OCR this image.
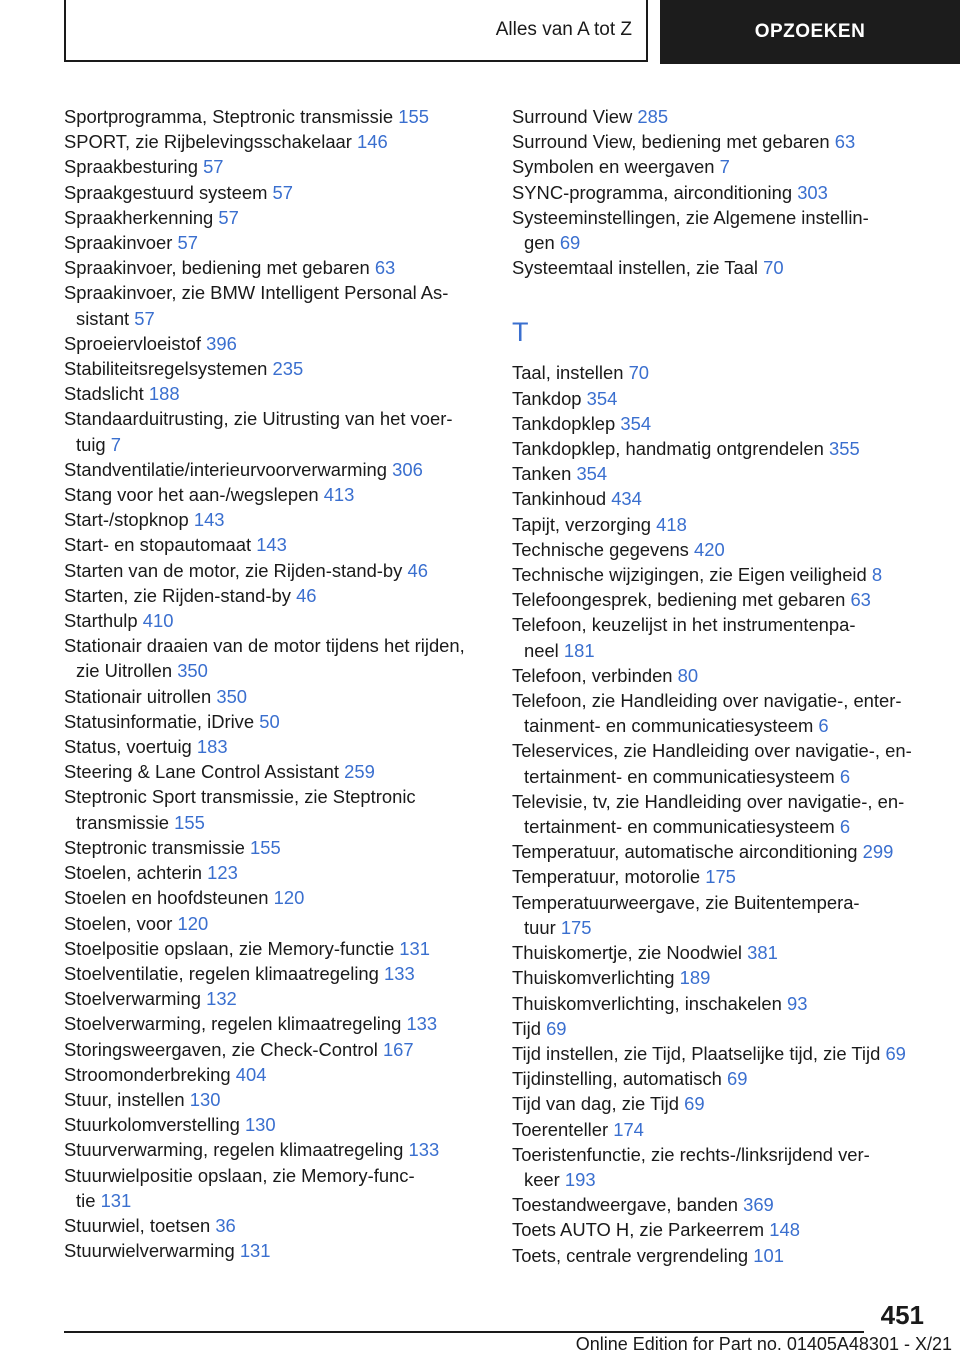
Alles van A tot Z	OPZOEKEN
Sportprogramma, Steptronic transmissie 155
SPORT, zie Rijbelevingsschakelaar 146
Spraakbesturing 57
Spraakgestuurd systeem 57
Spraakherkenning 57
Spraakinvoer 57
Spraakinvoer, bediening met gebaren 63
Spraakinvoer, zie BMW Intelligent Personal As-
sistant 57
Sproeiervloeistof 396
Stabiliteitsregelsystemen 235
Stadslicht 188
Standaarduitrusting, zie Uitrusting van het voer-
tuig 7
Standventilatie/interieurvoorverwarming 306
Stang voor het aan-/wegslepen 413
Start-/stopknop 143
Start- en stopautomaat 143
Starten van de motor, zie Rijden-stand-by 46
Starten, zie Rijden-stand-by 46
Starthulp 410
Stationair draaien van de motor tijdens het rijden,
zie Uitrollen 350
Stationair uitrollen 350
Statusinformatie, iDrive 50
Status, voertuig 183
Steering & Lane Control Assistant 259
Steptronic Sport transmissie, zie Steptronic
transmissie 155
Steptronic transmissie 155
Stoelen, achterin 123
Stoelen en hoofdsteunen 120
Stoelen, voor 120
Stoelpositie opslaan, zie Memory-functie 131
Stoelventilatie, regelen klimaatregeling 133
Stoelverwarming 132
Stoelverwarming, regelen klimaatregeling 133
Storingsweergaven, zie Check-Control 167
Stroomonderbreking 404
Stuur, instellen 130
Stuurkolomverstelling 130
Stuurverwarming, regelen klimaatregeling 133
Stuurwielpositie opslaan, zie Memory-func-
tie 131
Stuurwiel, toetsen 36
Stuurwielverwarming 131
Surround View 285
Surround View, bediening met gebaren 63
Symbolen en weergaven 7
SYNC-programma, airconditioning 303
Systeeminstellingen, zie Algemene instellin-
gen 69
Systeemtaal instellen, zie Taal 70
T
Taal, instellen 70
Tankdop 354
Tankdopklep 354
Tankdopklep, handmatig ontgrendelen 355
Tanken 354
Tankinhoud 434
Tapijt, verzorging 418
Technische gegevens 420
Technische wijzigingen, zie Eigen veiligheid 8
Telefoongesprek, bediening met gebaren 63
Telefoon, keuzelijst in het instrumentenpa-
neel 181
Telefoon, verbinden 80
Telefoon, zie Handleiding over navigatie-, enter-
tainment- en communicatiesysteem 6
Teleservices, zie Handleiding over navigatie-, en-
tertainment- en communicatiesysteem 6
Televisie, tv, zie Handleiding over navigatie-, en-
tertainment- en communicatiesysteem 6
Temperatuur, automatische airconditioning 299
Temperatuur, motorolie 175
Temperatuurweergave, zie Buitentempera-
tuur 175
Thuiskomertje, zie Noodwiel 381
Thuiskomverlichting 189
Thuiskomverlichting, inschakelen 93
Tijd 69
Tijd instellen, zie Tijd, Plaatselijke tijd, zie Tijd 69
Tijdinstelling, automatisch 69
Tijd van dag, zie Tijd 69
Toerenteller 174
Toeristenfunctie, zie rechts-/linksrijdend ver-
keer 193
Toestandweergave, banden 369
Toets AUTO H, zie Parkeerrem 148
Toets, centrale vergrendeling 101
451
Online Edition for Part no. 01405A48301 - X/21
